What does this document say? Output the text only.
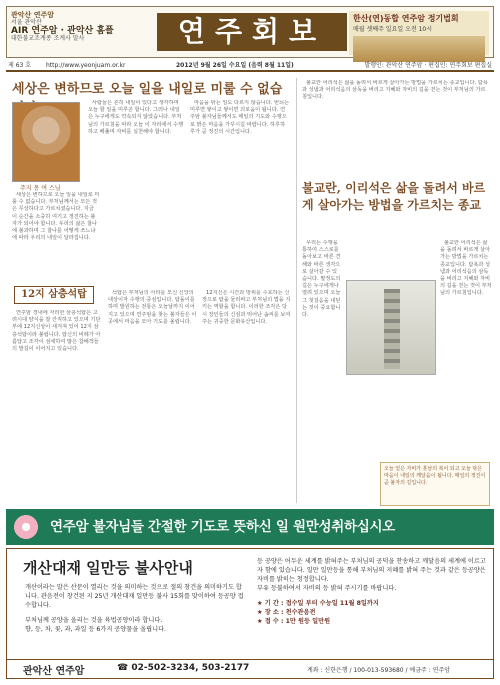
관악산 연주암
서울 관악산
AIR 연주암 · 관악산 홈플
대한불교조계종 조계사 말사	연주회보	한산(연)동합 연주암 정기법회
매월 셋째주 일요일 오전 10시
제 63 호 http://www.yeonjuam.or.kr	2012년 9월 26일 수요일 (음력 8월 11일)	발행인: 관악산 연주암 · 편집인: 연주회보 편집실
세상은 변하므로 오늘 일을 내일로 미룰 수 없습
주지 몽 여 스님

세상은 변하므로 오늘 일을 내일로 미룰 수 없습니다. 부처님께서는 모든 것은 무상하다고 가르치셨습니다. 지금 이 순간을 소중히 여기고 정진하는 불자가 되어야 합니다. 우리의 삶은 찰나에 불과하며 그 찰나를 어떻게 쓰느냐에 따라 우리의 내일이 달라집니다.

사람들은 흔히 내일이 있다고 생각하며 오늘 할 일을 미루곤 합니다. 그러나 내일은 누구에게도 약속되지 않았습니다. 부처님의 가르침을 따라 오늘 이 자리에서 수행하고 베풀며 자비를 실천해야 합니다.

마음을 닦는 일도 다르지 않습니다. 번뇌는 미루면 쌓이고 쌓이면 괴로움이 됩니다. 연주암 불자님들께서도 매일의 기도와 수행으로 밝은 마음을 가꾸시길 바랍니다. 하루하루가 곧 정진의 시간입니다.

12지 삼층석탑

연주암 경내에 자리한 삼층석탑은 고려시대 양식을 잘 간직하고 있으며 기단부에 12지신상이 새겨져 있어 12지 삼층석탑이라 불립니다. 탑신의 비례가 아름답고 조각이 섬세하여 많은 참배객들의 발길이 이어지고 있습니다.

석탑은 부처님의 사리를 모신 신앙의 대상이자 수행의 중심입니다. 탑돌이를 하며 발원하는 전통은 오늘날까지 이어지고 있으며 연주암을 찾는 불자들은 이곳에서 마음을 모아 기도를 올립니다.

12지신은 시간과 방위를 수호하는 신장으로 탑을 둘러싸고 부처님의 법을 지키는 역할을 합니다. 이러한 조각은 당시 장인들의 신심과 뛰어난 솜씨를 보여주는 귀중한 문화유산입니다.

불교란 어리석은 삶을 돌려서 바르게 살아가는 방법을 가르치는 종교입니다. 탐욕과 성냄과 어리석음의 삼독을 버리고 지혜와 자비의 길을 걷는 것이 부처님의 가르침입니다.

불교란, 이리석은 삶을 돌려서 바르게 살아가는 방법을 가르치는 종교

우리는 수행을 통하여 스스로를 돌아보고 바른 견해와 바른 생각으로 살아갈 수 있습니다. 팔정도의 길은 누구에게나 열려 있으며 오늘 그 첫걸음을 내딛는 것이 중요합니다.

불교란 어리석은 삶을 돌려서 바르게 살아가는 방법을 가르치는 종교입니다. 탐욕과 성냄과 어리석음의 삼독을 버리고 지혜와 자비의 길을 걷는 것이 부처님의 가르침입니다.

오늘 얻은 자비가 훗날의 복이 되고 오늘 닦은 마음이 내일의 깨달음이 됩니다. 매일의 정진이 곧 불자의 길입니다.
연주암 불자님들 간절한 기도로 뜻하신 일 원만성취하십시오
개산대재 일만등 불사안내

개산이라는 말은 산문이 열리는 것을 의미하는 것으로 절의 창건을 의미하기도 합니다. 관음전이 창건된 지 25년 개산대재 일만등 불사 15회를 맞이하여 등공양 접수합니다.

부처님께 공양을 올리는 것을 육법공양이라 합니다.

향, 등, 차, 꽃, 과, 과일 등 6가지 공양물을 올립니다.

등 공양은 어두운 세계를 밝혀주는 부처님의 공덕을 찬송하고 깨달음의 세계에 이르고자 함에 있습니다. 일만 일만등을 통해 부처님의 지혜를 밝혀 주는 것과 같은 등공양은 자비를 밝히는 청정합니다.

부유 등불하여서 자비의 등 밝혀 주시기를 바랍니다.

★ 기 간 : 접수일 부터 수능일 11월 8일까지
★ 장 소 : 천수관음전
★ 접 수 : 1만 원등 일만원
관악산 연주암	☎ 02-502-3234, 503-2177	계좌 : 신한은행 / 100-013-593680 / 예금주 : 연주암
